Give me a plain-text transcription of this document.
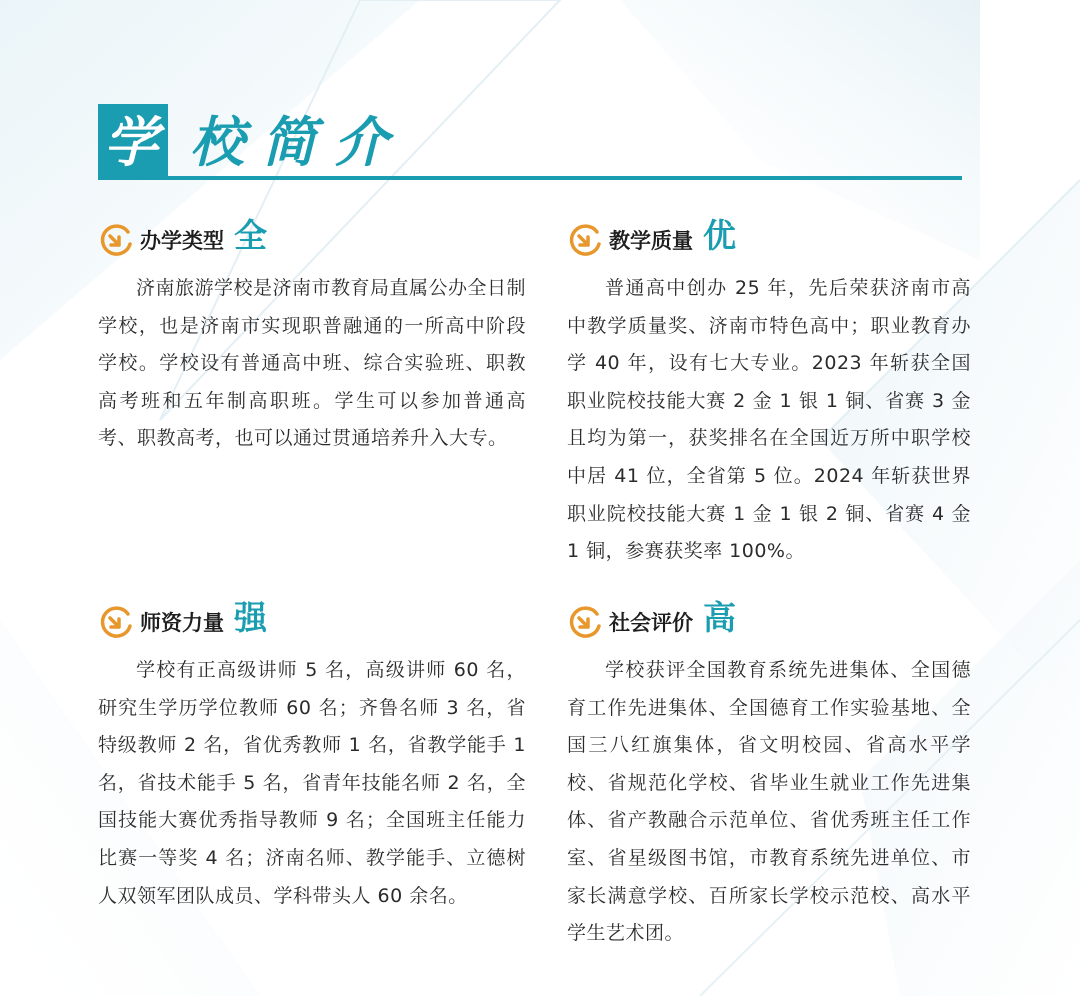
学 校 简 介
办学类型 全
济南旅游学校是济南市教育局直属公办全日制学校，也是济南市实现职普融通的一所高中阶段学校。学校设有普通高中班、综合实验班、职教高考班和五年制高职班。学生可以参加普通高考、职教高考，也可以通过贯通培养升入大专。
教学质量 优
普通高中创办 25 年，先后荣获济南市高中教学质量奖、济南市特色高中；职业教育办学 40 年，设有七大专业。2023 年斩获全国职业院校技能大赛 2 金 1 银 1 铜、省赛 3 金且均为第一，获奖排名在全国近万所中职学校中居 41 位，全省第 5 位。2024 年斩获世界职业院校技能大赛 1 金 1 银 2 铜、省赛 4 金 1 铜，参赛获奖率 100%。
师资力量 强
学校有正高级讲师 5 名，高级讲师 60 名，研究生学历学位教师 60 名；齐鲁名师 3 名，省特级教师 2 名，省优秀教师 1 名，省教学能手 1 名，省技术能手 5 名，省青年技能名师 2 名，全国技能大赛优秀指导教师 9 名；全国班主任能力比赛一等奖 4 名；济南名师、教学能手、立德树人双领军团队成员、学科带头人 60 余名。
社会评价 高
学校获评全国教育系统先进集体、全国德育工作先进集体、全国德育工作实验基地、全国三八红旗集体，省文明校园、省高水平学校、省规范化学校、省毕业生就业工作先进集体、省产教融合示范单位、省优秀班主任工作室、省星级图书馆，市教育系统先进单位、市家长满意学校、百所家长学校示范校、高水平学生艺术团。
